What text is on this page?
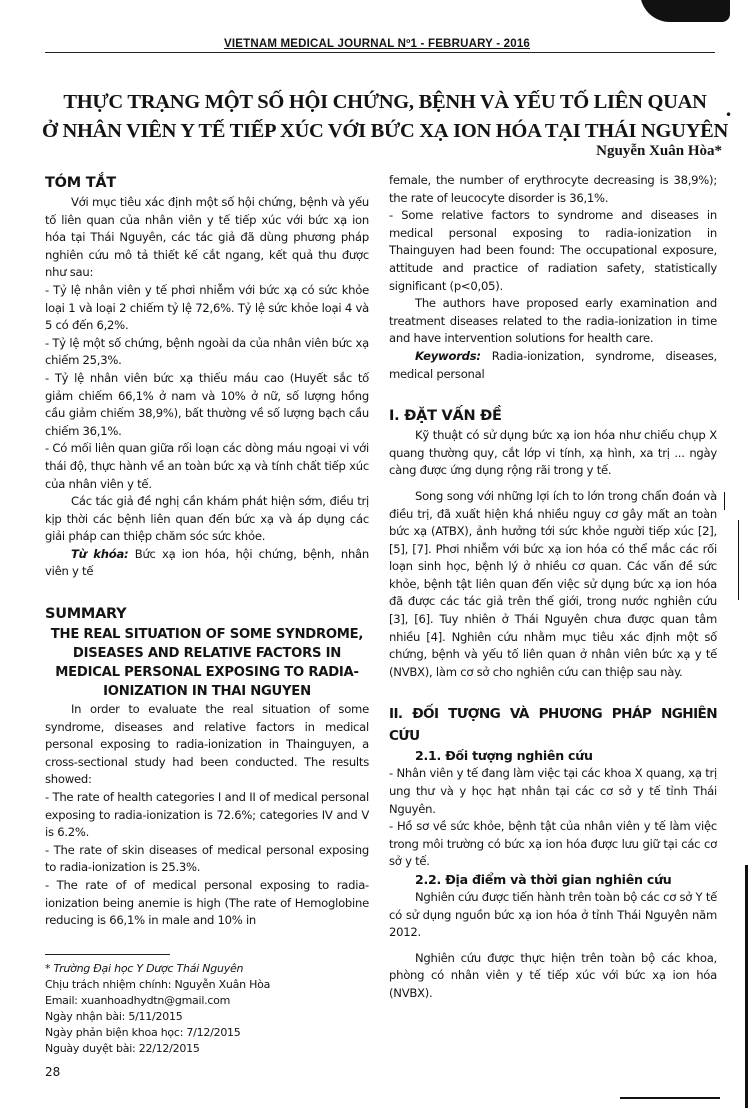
VIETNAM MEDICAL JOURNAL Nº1 - FEBRUARY - 2016
THỰC TRẠNG MỘT SỐ HỘI CHỨNG, BỆNH VÀ YẾU TỐ LIÊN QUAN
Ở NHÂN VIÊN Y TẾ TIẾP XÚC VỚI BỨC XẠ ION HÓA TẠI THÁI NGUYÊN
•
Nguyễn Xuân Hòa*
TÓM TẮT

Với mục tiêu xác định một số hội chứng, bệnh và yếu tố liên quan của nhân viên y tế tiếp xúc với bức xạ ion hóa tại Thái Nguyên, các tác giả đã dùng phương pháp nghiên cứu mô tả thiết kế cắt ngang, kết quả thu được như sau:

- Tỷ lệ nhân viên y tế phơi nhiễm với bức xạ có sức khỏe loại 1 và loại 2 chiếm tỷ lệ 72,6%. Tỷ lệ sức khỏe loại 4 và 5 có đến 6,2%.

- Tỷ lệ một số chứng, bệnh ngoài da của nhân viên bức xạ chiếm 25,3%.

- Tỷ lệ nhân viên bức xạ thiếu máu cao (Huyết sắc tố giảm chiếm 66,1% ở nam và 10% ở nữ, số lượng hồng cầu giảm chiếm 38,9%), bất thường về số lượng bạch cầu chiếm 36,1%.

- Có mối liên quan giữa rối loạn các dòng máu ngoại vi với thái độ, thực hành về an toàn bức xạ và tính chất tiếp xúc của nhân viên y tế.

Các tác giả đề nghị cần khám phát hiện sớm, điều trị kịp thời các bệnh liên quan đến bức xạ và áp dụng các giải pháp can thiệp chăm sóc sức khỏe.

Từ khóa: Bức xạ ion hóa, hội chứng, bệnh, nhân viên y tế

SUMMARY

THE REAL SITUATION OF SOME SYNDROME, DISEASES AND RELATIVE FACTORS IN MEDICAL PERSONAL EXPOSING TO RADIA-IONIZATION IN THAI NGUYEN

In order to evaluate the real situation of some syndrome, diseases and relative factors in medical personal exposing to radia-ionization in Thainguyen, a cross-sectional study had been conducted. The results showed:

- The rate of health categories I and II of medical personal exposing to radia-ionization is 72.6%; categories IV and V is 6.2%.

- The rate of skin diseases of medical personal exposing to radia-ionization is 25.3%.

- The rate of of medical personal exposing to radia-ionization being anemie is high (The rate of Hemoglobine reducing is 66,1% in male and 10% in

* Trường Đại học Y Dược Thái Nguyên
Chịu trách nhiệm chính: Nguyễn Xuân Hòa
Email: xuanhoadhydtn@gmail.com
Ngày nhận bài: 5/11/2015
Ngày phản biện khoa học: 7/12/2015
Nguày duyệt bài: 22/12/2015

female, the number of erythrocyte decreasing is 38,9%); the rate of leucocyte disorder is 36,1%.

- Some relative factors to syndrome and diseases in medical personal exposing to radia-ionization in Thainguyen had been found: The occupational exposure, attitude and practice of radiation safety, statistically significant (p<0,05).

The authors have proposed early examination and treatment diseases related to the radia-ionization in time and have intervention solutions for health care.

Keywords: Radia-ionization, syndrome, diseases, medical personal

I. ĐẶT VẤN ĐỀ

Kỹ thuật có sử dụng bức xạ ion hóa như chiếu chụp X quang thường quy, cắt lớp vi tính, xạ hình, xa trị ... ngày càng được ứng dụng rộng rãi trong y tế.

Song song với những lợi ích to lớn trong chẩn đoán và điều trị, đã xuất hiện khá nhiều nguy cơ gây mất an toàn bức xạ (ATBX), ảnh hưởng tới sức khỏe người tiếp xúc [2], [5], [7]. Phơi nhiễm với bức xạ ion hóa có thể mắc các rối loạn sinh học, bệnh lý ở nhiều cơ quan. Các vấn đề sức khỏe, bệnh tật liên quan đến việc sử dụng bức xạ ion hóa đã được các tác giả trên thế giới, trong nước nghiên cứu [3], [6]. Tuy nhiên ở Thái Nguyên chưa được quan tâm nhiều [4]. Nghiên cứu nhằm mục tiêu xác định một số chứng, bệnh và yếu tố liên quan ở nhân viên bức xạ y tế (NVBX), làm cơ sở cho nghiên cứu can thiệp sau này.

II. ĐỐI TƯỢNG VÀ PHƯƠNG PHÁP NGHIÊN CỨU
2.1. Đối tượng nghiên cứu

- Nhân viên y tế đang làm việc tại các khoa X quang, xạ trị ung thư và y học hạt nhân tại các cơ sở y tế tỉnh Thái Nguyên.

- Hồ sơ về sức khỏe, bệnh tật của nhân viên y tế làm việc trong môi trường có bức xạ ion hóa được lưu giữ tại các cơ sở y tế.

2.2. Địa điểm và thời gian nghiên cứu

Nghiên cứu được tiến hành trên toàn bộ các cơ sở Y tế có sử dụng nguồn bức xạ ion hóa ở tỉnh Thái Nguyên năm 2012.

Nghiên cứu được thực hiện trên toàn bộ các khoa, phòng có nhân viên y tế tiếp xúc với bức xạ ion hóa (NVBX).

28
